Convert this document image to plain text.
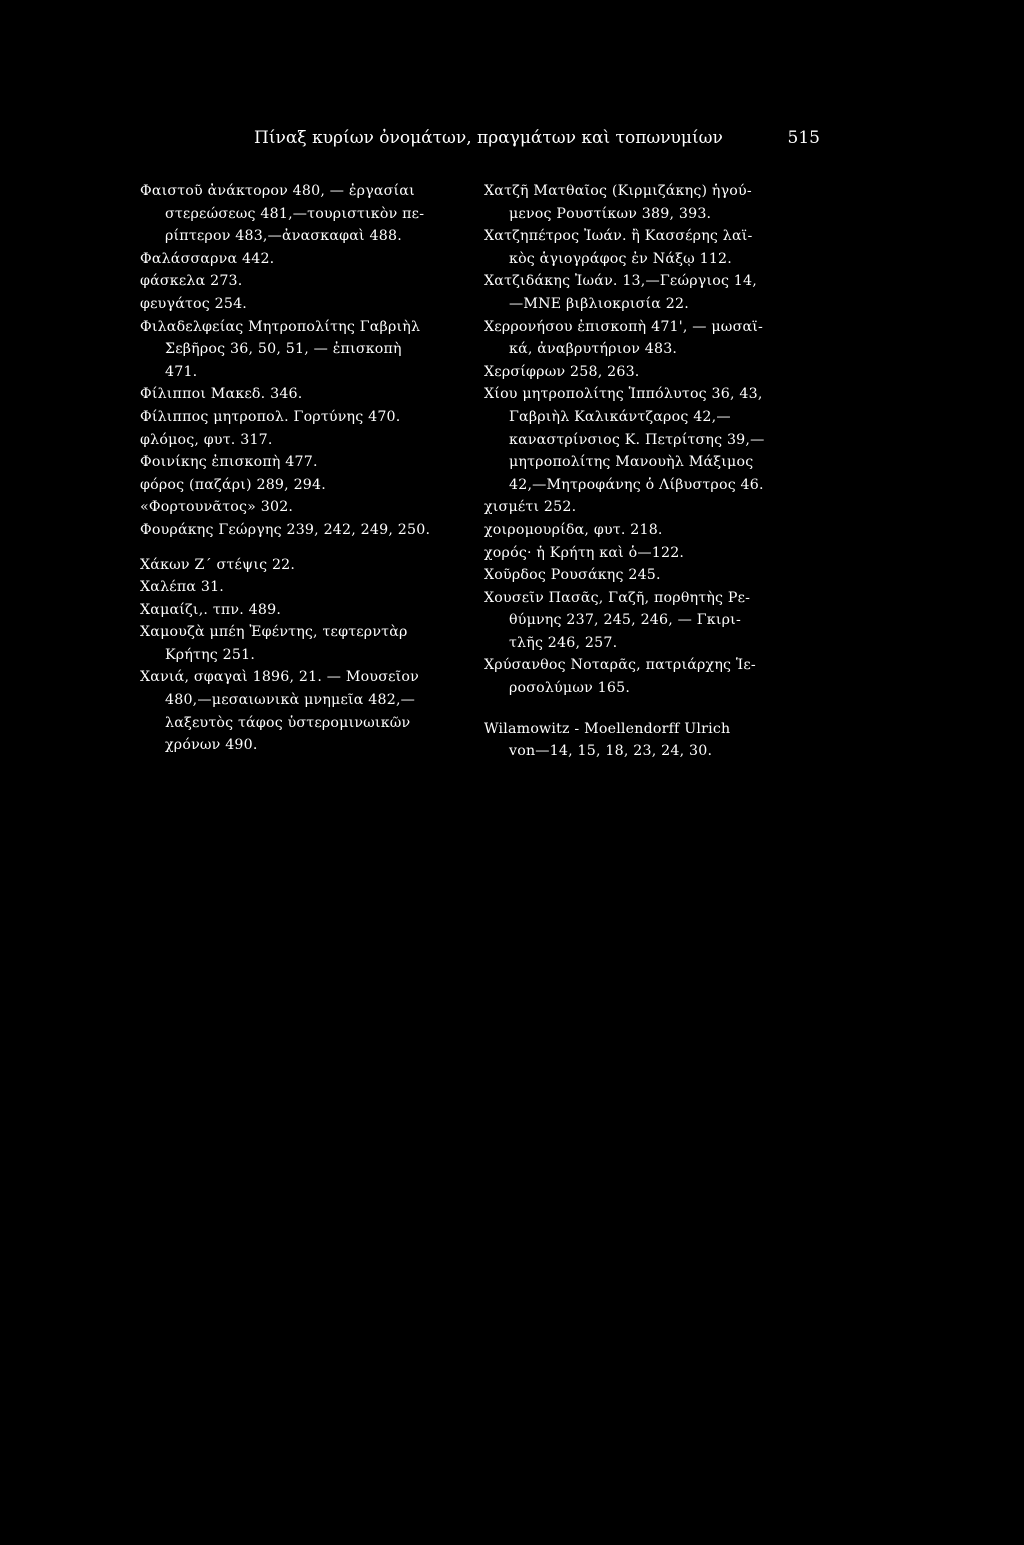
Πίναξ κυρίων ὀνομάτων, πραγμάτων καὶ τοπωνυμίων	515

Φαιστοῦ ἀνάκτορον 480, — ἐργασίαι
στερεώσεως 481,—τουριστικὸν πε-
ρίπτερον 483,—ἀνασκαφαὶ 488.

Φαλάσσαρνα 442.

φάσκελα 273.

φευγάτος 254.

Φιλαδελφείας Μητροπολίτης Γαβριὴλ
Σεβῆρος 36, 50, 51, — ἐπισκοπὴ
471.

Φίλιπποι Μακεδ. 346.

Φίλιππος μητροπολ. Γορτύνης 470.

φλόμος, φυτ. 317.

Φοινίκης ἐπισκοπὴ 477.

φόρος (παζάρι) 289, 294.

«Φορτουνᾶτος» 302.

Φουράκης Γεώργης 239, 242, 249, 250.

Χάκων Ζ΄ στέψις 22.

Χαλέπα 31.

Χαμαίζι,. τπν. 489.

Χαμουζὰ μπέη Ἐφέντης, τεφτερντὰρ
Κρήτης 251.

Χανιά, σφαγαὶ 1896, 21. — Μουσεῖον
480,—μεσαιωνικὰ μνημεῖα 482,—
λαξευτὸς τάφος ὑστερομινωικῶν
χρόνων 490.

Χατζῆ Ματθαῖος (Κιρμιζάκης) ἡγού-
μενος Ρουστίκων 389, 393.

Χατζηπέτρος Ἰωάν. ἢ Κασσέρης λαϊ-
κὸς ἁγιογράφος ἐν Νάξῳ 112.

Χατζιδάκης Ἰωάν. 13,—Γεώργιος 14,
—ΜΝΕ βιβλιοκρισία 22.

Χερρονήσου ἐπισκοπὴ 471', — μωσαϊ-
κά, ἀναβρυτήριον 483.

Χερσίφρων 258, 263.

Χίου μητροπολίτης Ἱππόλυτος 36, 43,
Γαβριὴλ Καλικάντζαρος 42,—
καναστρίνσιος Κ. Πετρίτσης 39,—
μητροπολίτης Μανουὴλ Μάξιμος
42,—Μητροφάνης ὁ Λίβυστρος 46.

χισμέτι 252.

χοιρομουρίδα, φυτ. 218.

χορός· ἡ Κρήτη καὶ ὁ—122.

Χοῦρδος Ρουσάκης 245.

Χουσεῖν Πασᾶς, Γαζῆ, πορθητὴς Ρε-
θύμνης 237, 245, 246, — Γκιρι-
τλῆς 246, 257.

Χρύσανθος Νοταρᾶς, πατριάρχης Ἱε-
ροσολύμων 165.

Wilamowitz - Moellendorff Ulrich
von—14, 15, 18, 23, 24, 30.
